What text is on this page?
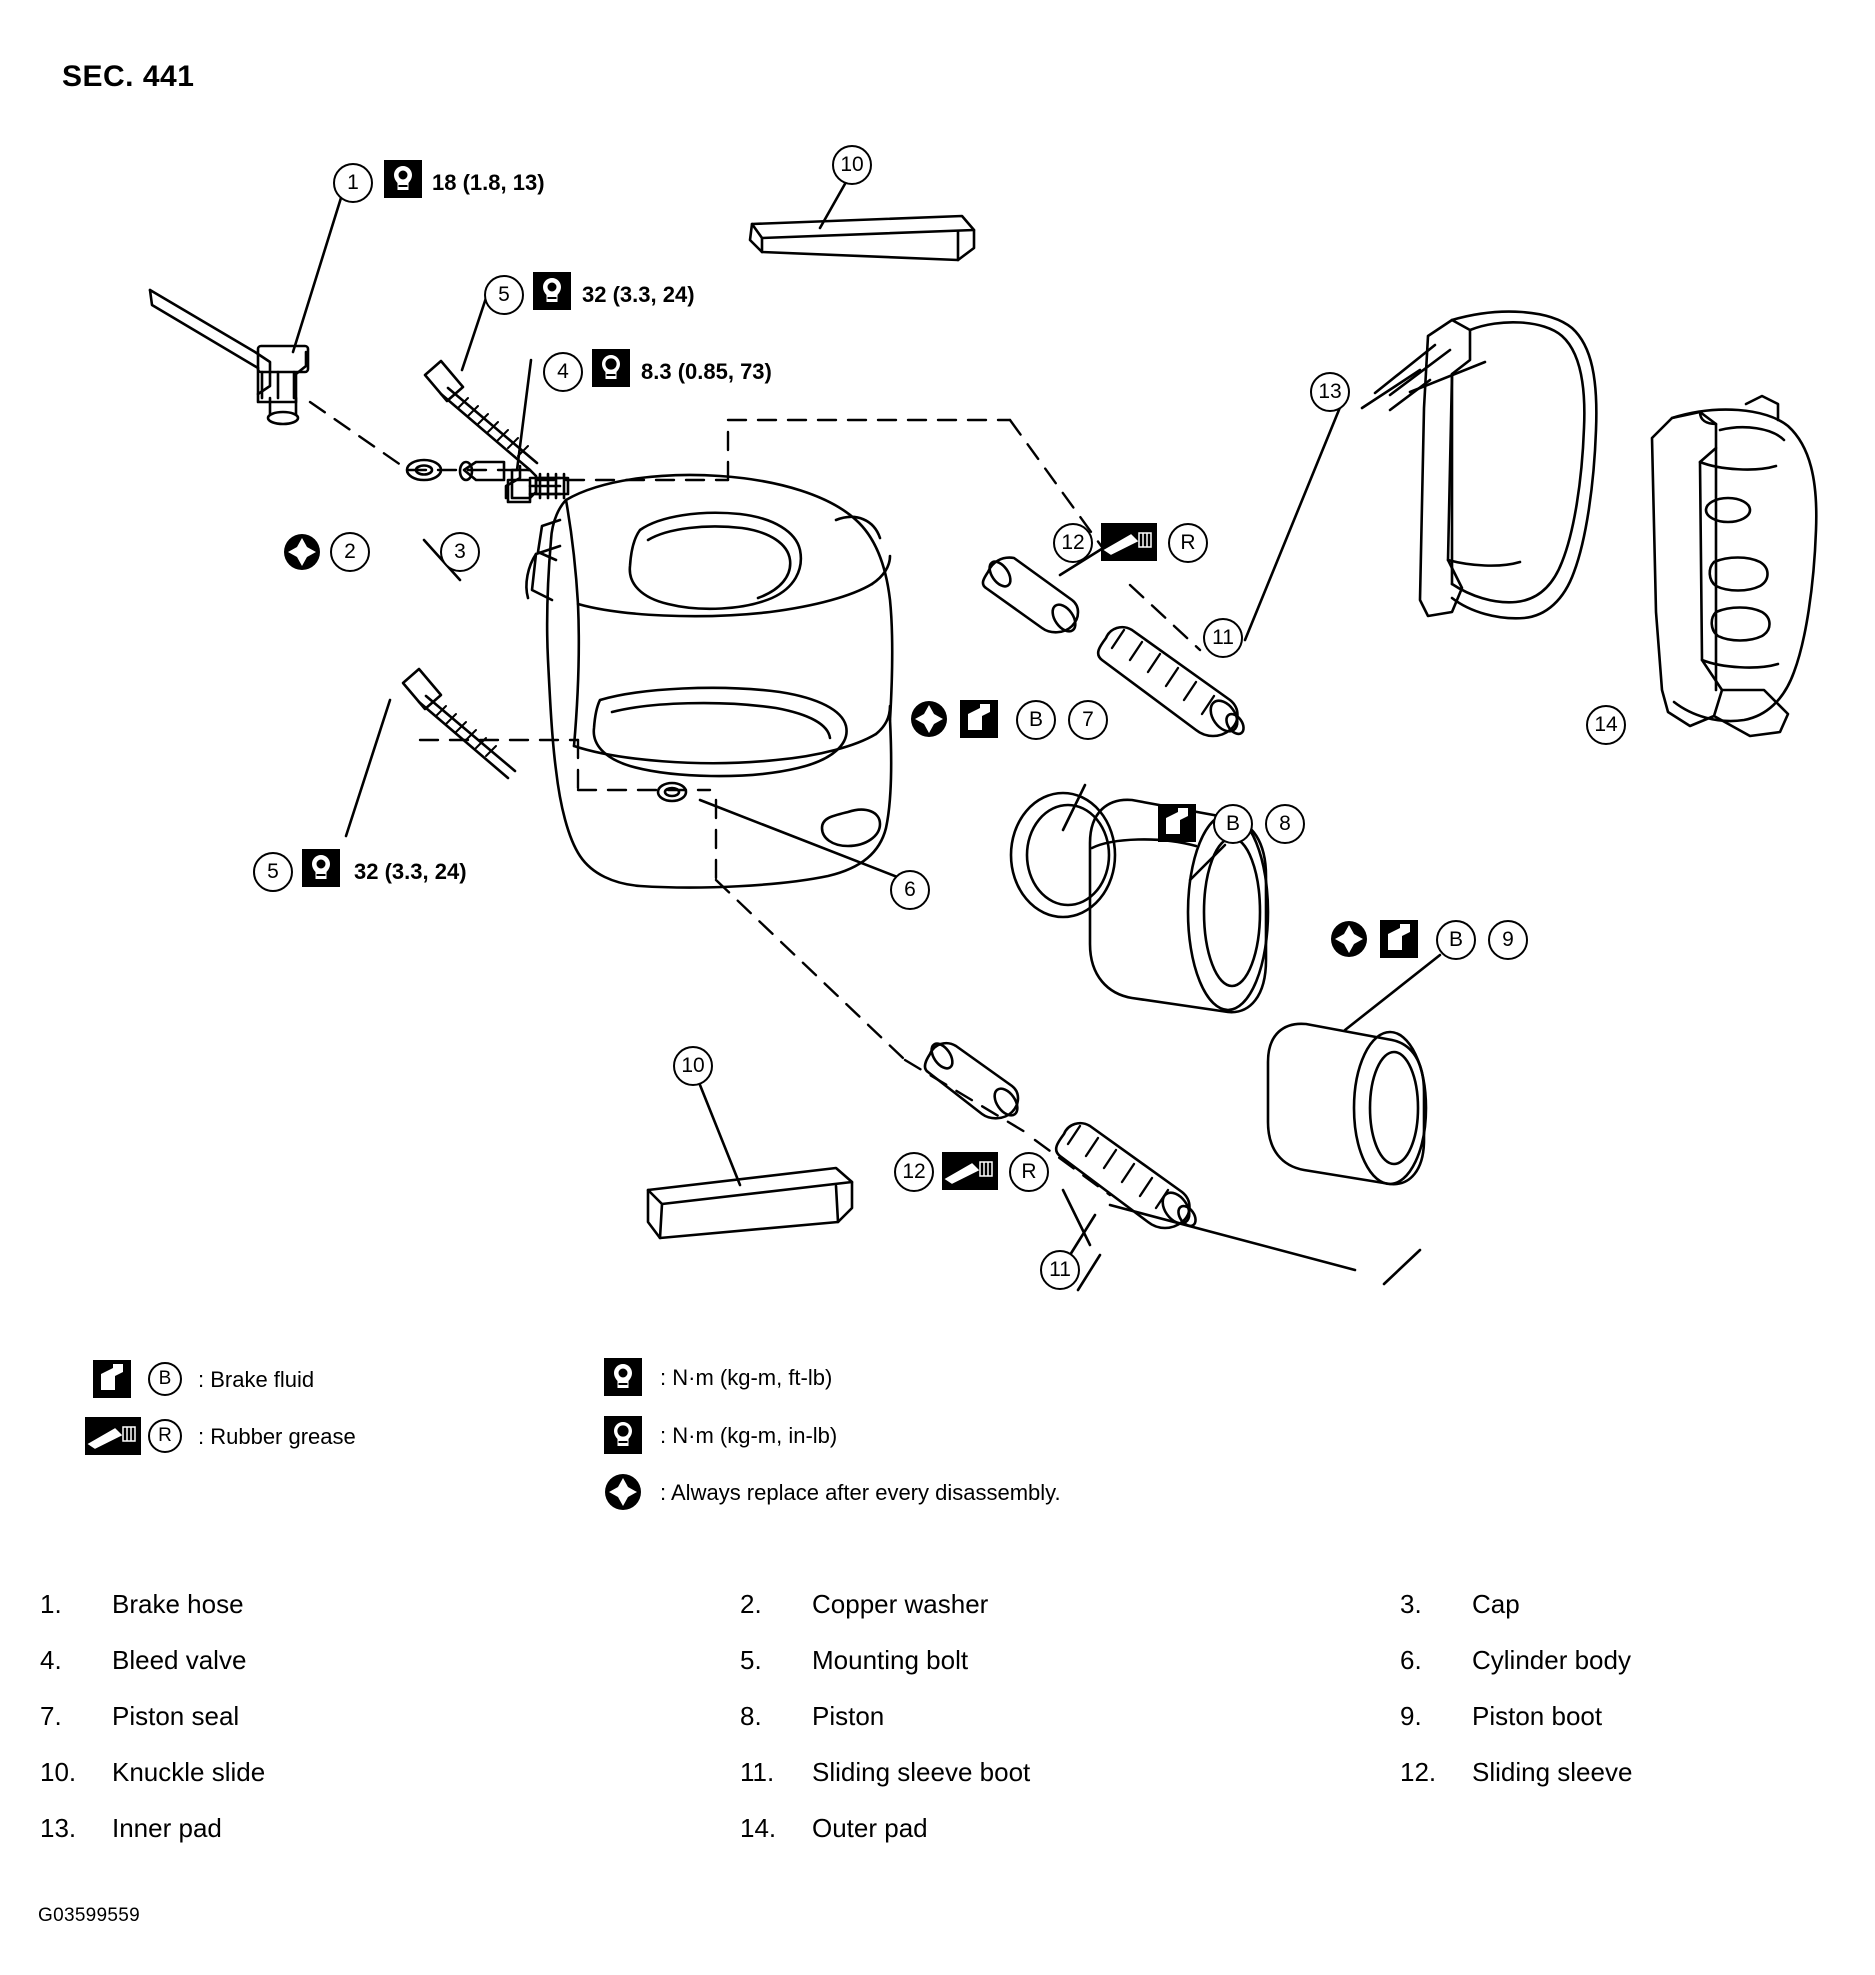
SEC. 441
1	18 (1.8, 13)
10
5	32 (3.3, 24)
4	8.3 (0.85, 73)
13
2	3	12	R
11
B	7
6
B	8
B	9
14
5	32 (3.3, 24)
10
12	R
11
B	: Brake fluid
R	: Rubber grease
: N·m (kg-m, ft-lb)
: N·m (kg-m, in-lb)
: Always replace after every disassembly.
1.	Brake hose	2.	Copper washer	3.	Cap
4.	Bleed valve	5.	Mounting bolt	6.	Cylinder body
7.	Piston seal	8.	Piston	9.	Piston boot
10.	Knuckle slide	11.	Sliding sleeve boot	12.	Sliding sleeve
13.	Inner pad	14.	Outer pad
G03599559
